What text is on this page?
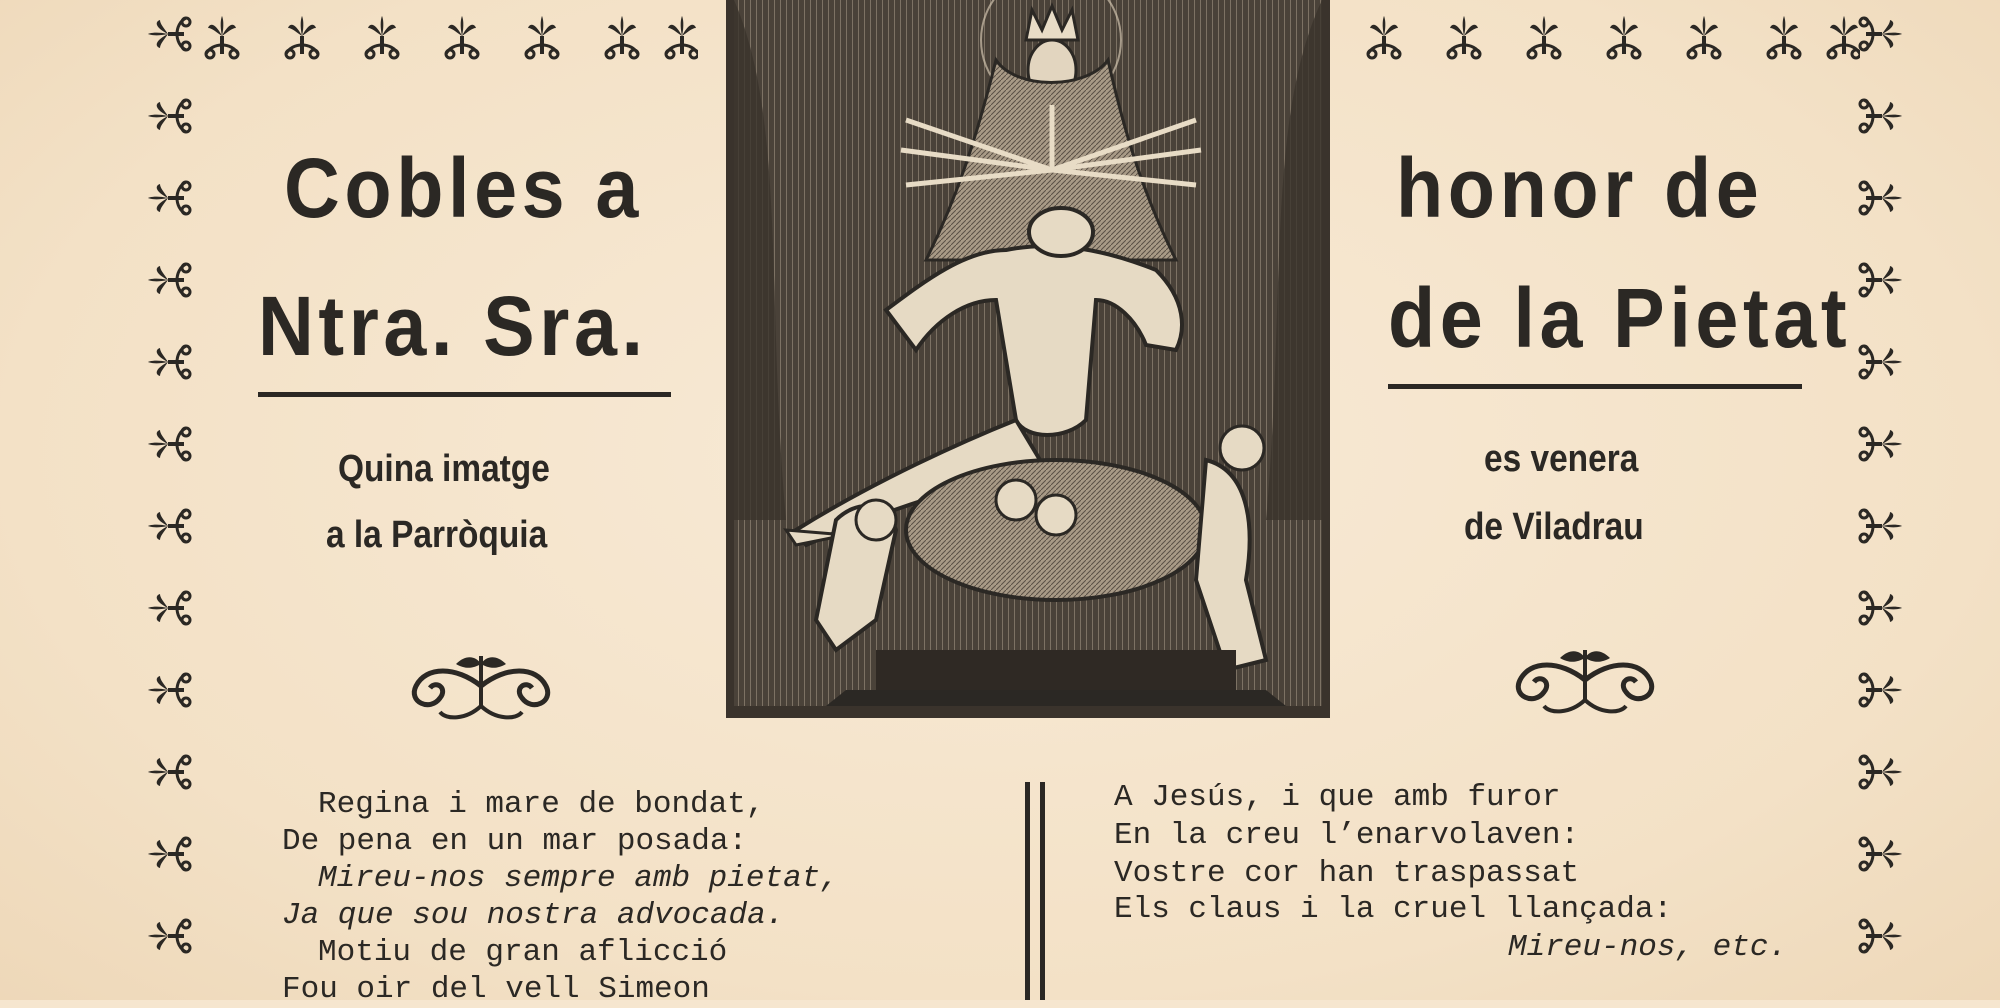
Cobles a
Ntra. Sra.
honor de
de la Pietat
Quina imatge
a la Parròquia
es venera
de Viladrau
Regina i mare de bondat,
De pena en un mar posada:
Mireu-nos sempre amb pietat,
Ja que sou nostra advocada.
Motiu de gran aflicció
Fou oir del vell Simeon
A Jesús, i que amb furor
En la creu l’enarvolaven:
Vostre cor han traspassat
Els claus i la cruel llançada:
Mireu-nos, etc.
